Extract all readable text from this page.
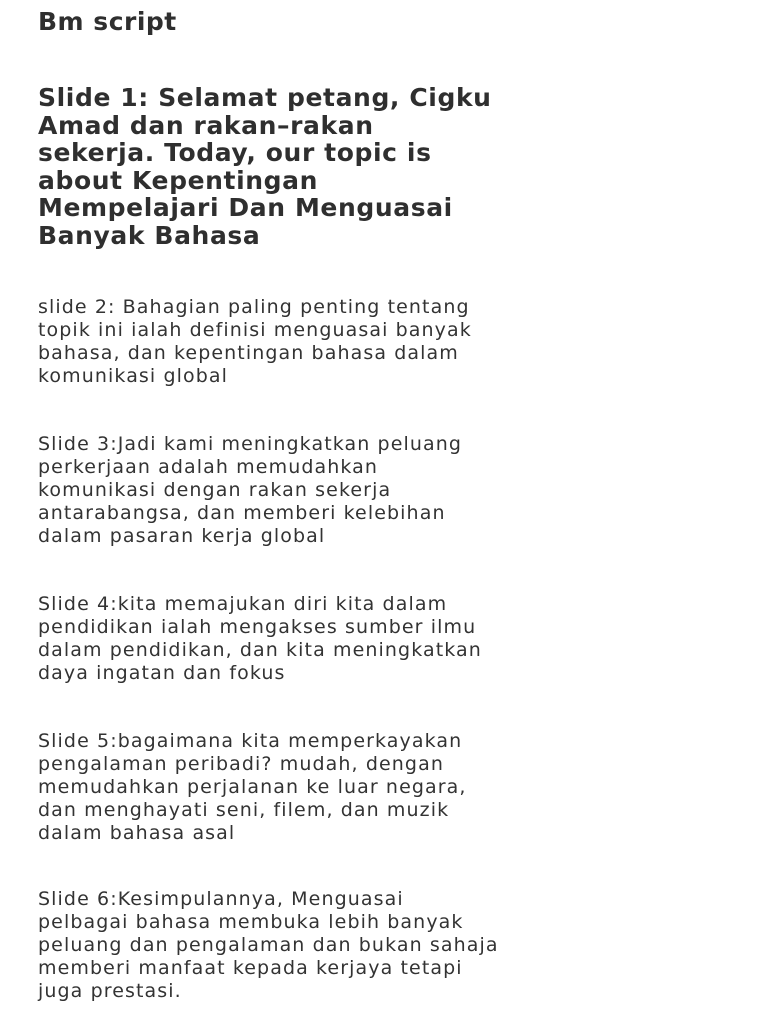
Bm script
Slide 1: Selamat petang, Cigku
Amad dan rakan–rakan
sekerja. Today, our topic is
about Kepentingan
Mempelajari Dan Menguasai
Banyak Bahasa

slide 2: Bahagian paling penting tentang
topik ini ialah definisi menguasai banyak
bahasa, dan kepentingan bahasa dalam
komunikasi global

Slide 3:Jadi kami meningkatkan peluang
perkerjaan adalah memudahkan
komunikasi dengan rakan sekerja
antarabangsa, dan memberi kelebihan
dalam pasaran kerja global

Slide 4:kita memajukan diri kita dalam
pendidikan ialah mengakses sumber ilmu
dalam pendidikan, dan kita meningkatkan
daya ingatan dan fokus

Slide 5:bagaimana kita memperkayakan
pengalaman peribadi? mudah, dengan
memudahkan perjalanan ke luar negara,
dan menghayati seni, filem, dan muzik
dalam bahasa asal

Slide 6:Kesimpulannya, Menguasai
pelbagai bahasa membuka lebih banyak
peluang dan pengalaman dan bukan sahaja
memberi manfaat kepada kerjaya tetapi
juga prestasi.
